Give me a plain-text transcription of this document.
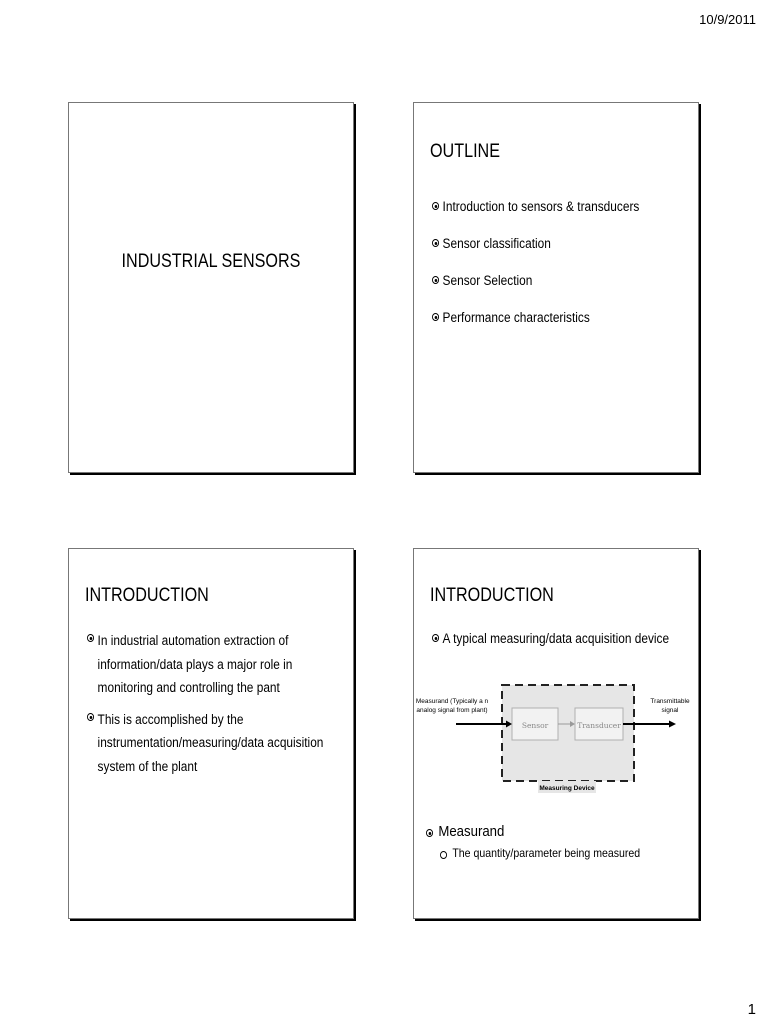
10/9/2011
INDUSTRIAL SENSORS
OUTLINE
Introduction to sensors & transducers
Sensor classification
Sensor Selection
Performance characteristics
INTRODUCTION
In industrial automation extraction of
information/data plays a major role in
monitoring and controlling the pant
This is accomplished by the
instrumentation/measuring/data acquisition
system of the plant
INTRODUCTION
A typical measuring/data acquisition device
Sensor	Transducer
Measurand (Typically a n
analog signal from plant)
Transmittable
signal
Measuring Device
Measurand
The quantity/parameter being measured
1
